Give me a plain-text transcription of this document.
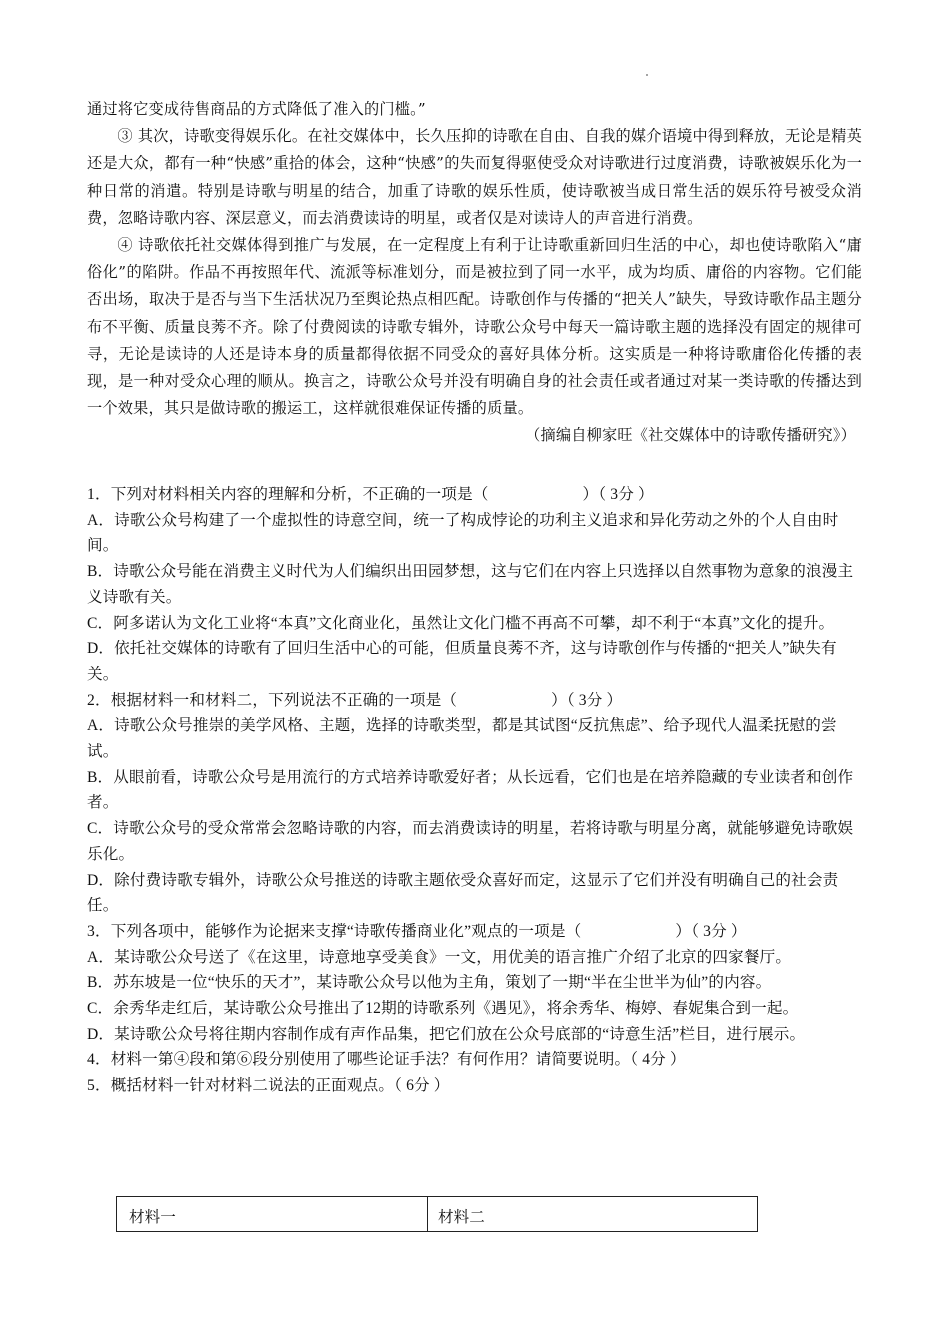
通过将它变成待售商品的方式降低了准入的门槛。”

③ 其次，诗歌变得娱乐化。在社交媒体中，长久压抑的诗歌在自由、自我的媒介语境中得到释放，无论是精英还是大众，都有一种“快感”重拾的体会，这种“快感”的失而复得驱使受众对诗歌进行过度消费，诗歌被娱乐化为一种日常的消遣。特别是诗歌与明星的结合，加重了诗歌的娱乐性质，使诗歌被当成日常生活的娱乐符号被受众消费，忽略诗歌内容、深层意义，而去消费读诗的明星，或者仅是对读诗人的声音进行消费。

④ 诗歌依托社交媒体得到推广与发展，在一定程度上有利于让诗歌重新回归生活的中心，却也使诗歌陷入“庸俗化”的陷阱。作品不再按照年代、流派等标准划分，而是被拉到了同一水平，成为均质、庸俗的内容物。它们能否出场，取决于是否与当下生活状况乃至舆论热点相匹配。诗歌创作与传播的“把关人”缺失，导致诗歌作品主题分布不平衡、质量良莠不齐。除了付费阅读的诗歌专辑外，诗歌公众号中每天一篇诗歌主题的选择没有固定的规律可寻，无论是读诗的人还是诗本身的质量都得依据不同受众的喜好具体分析。这实质是一种将诗歌庸俗化传播的表现，是一种对受众心理的顺从。换言之，诗歌公众号并没有明确自身的社会责任或者通过对某一类诗歌的传播达到一个效果，其只是做诗歌的搬运工，这样就很难保证传播的质量。

（摘编自柳家旺《社交媒体中的诗歌传播研究》）

1．下列对材料相关内容的理解和分析，不正确的一项是（	）（ 3分 ）

A．诗歌公众号构建了一个虚拟性的诗意空间，统一了构成悖论的功利主义追求和异化劳动之外的个人自由时间。

B．诗歌公众号能在消费主义时代为人们编织出田园梦想，这与它们在内容上只选择以自然事物为意象的浪漫主义诗歌有关。

C．阿多诺认为文化工业将“本真”文化商业化，虽然让文化门槛不再高不可攀，却不利于“本真”文化的提升。

D．依托社交媒体的诗歌有了回归生活中心的可能，但质量良莠不齐，这与诗歌创作与传播的“把关人”缺失有关。

2．根据材料一和材料二，下列说法不正确的一项是（	）（ 3分 ）

A．诗歌公众号推崇的美学风格、主题，选择的诗歌类型，都是其试图“反抗焦虑”、给予现代人温柔抚慰的尝试。

B．从眼前看，诗歌公众号是用流行的方式培养诗歌爱好者；从长远看，它们也是在培养隐藏的专业读者和创作者。

C．诗歌公众号的受众常常会忽略诗歌的内容，而去消费读诗的明星，若将诗歌与明星分离，就能够避免诗歌娱乐化。

D．除付费诗歌专辑外，诗歌公众号推送的诗歌主题依受众喜好而定，这显示了它们并没有明确自己的社会责任。

3．下列各项中，能够作为论据来支撑“诗歌传播商业化”观点的一项是（	）（ 3分 ）

A．某诗歌公众号送了《在这里，诗意地享受美食》一文，用优美的语言推广介绍了北京的四家餐厅。

B．苏东坡是一位“快乐的天才”，某诗歌公众号以他为主角，策划了一期“半在尘世半为仙”的内容。

C．余秀华走红后，某诗歌公众号推出了12期的诗歌系列《遇见》，将余秀华、梅婷、春妮集合到一起。

D．某诗歌公众号将往期内容制作成有声作品集，把它们放在公众号底部的“诗意生活”栏目，进行展示。

4．材料一第④段和第⑥段分别使用了哪些论证手法？有何作用？请简要说明。（ 4分 ）

5．概括材料一针对材料二说法的正面观点。（ 6分 ）

材料一	材料二
